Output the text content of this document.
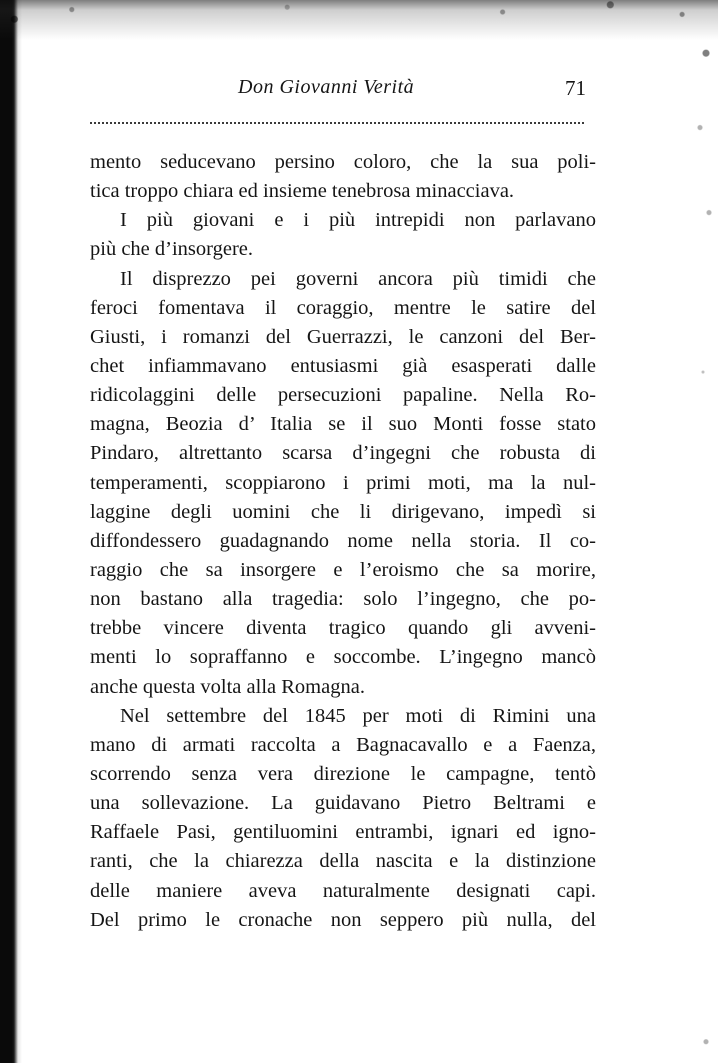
Don Giovanni Verità	71
mento seducevano persino coloro, che la sua poli-
tica troppo chiara ed insieme tenebrosa minacciava.
I più giovani e i più intrepidi non parlavano
più che d’insorgere.
Il disprezzo pei governi ancora più timidi che
feroci fomentava il coraggio, mentre le satire del
Giusti, i romanzi del Guerrazzi, le canzoni del Ber-
chet infiammavano entusiasmi già esasperati dalle
ridicolaggini delle persecuzioni papaline. Nella Ro-
magna, Beozia d’ Italia se il suo Monti fosse stato
Pindaro, altrettanto scarsa d’ingegni che robusta di
temperamenti, scoppiarono i primi moti, ma la nul-
laggine degli uomini che li dirigevano, impedì si
diffondessero guadagnando nome nella storia. Il co-
raggio che sa insorgere e l’eroismo che sa morire,
non bastano alla tragedia: solo l’ingegno, che po-
trebbe vincere diventa tragico quando gli avveni-
menti lo sopraffanno e soccombe. L’ingegno mancò
anche questa volta alla Romagna.
Nel settembre del 1845 per moti di Rimini una
mano di armati raccolta a Bagnacavallo e a Faenza,
scorrendo senza vera direzione le campagne, tentò
una sollevazione. La guidavano Pietro Beltrami e
Raffaele Pasi, gentiluomini entrambi, ignari ed igno-
ranti, che la chiarezza della nascita e la distinzione
delle maniere aveva naturalmente designati capi.
Del primo le cronache non seppero più nulla, del
